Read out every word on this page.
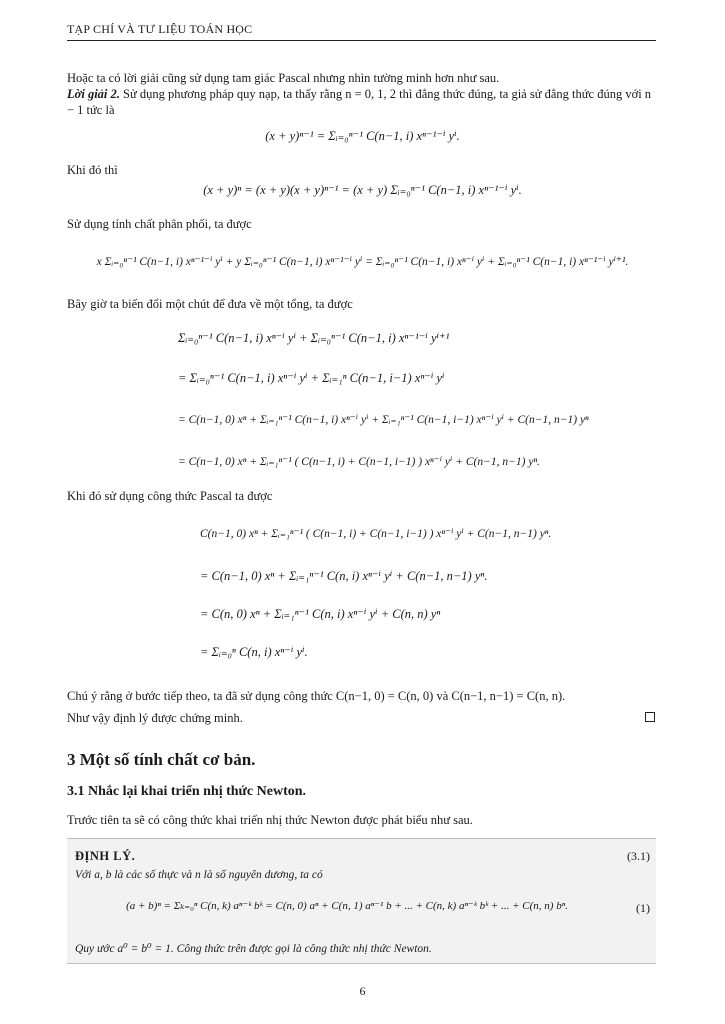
TẠP CHÍ VÀ TƯ LIỆU TOÁN HỌC
Hoặc ta có lời giải cũng sử dụng tam giác Pascal nhưng nhìn tường minh hơn như sau.
Lời giải 2. Sử dụng phương pháp quy nạp, ta thấy rằng n = 0, 1, 2 thì đẳng thức đúng, ta giả sử đẳng thức đúng với n − 1 tức là
(x + y)ⁿ⁻¹ = Σᵢ₌₀ⁿ⁻¹ C(n−1, i) xⁿ⁻¹⁻ⁱ yⁱ.
Khi đó thì
(x + y)ⁿ = (x + y)(x + y)ⁿ⁻¹ = (x + y) Σᵢ₌₀ⁿ⁻¹ C(n−1, i) xⁿ⁻¹⁻ⁱ yⁱ.
Sử dụng tính chất phân phối, ta được
x Σᵢ₌₀ⁿ⁻¹ C(n−1, i) xⁿ⁻¹⁻ⁱ yⁱ + y Σᵢ₌₀ⁿ⁻¹ C(n−1, i) xⁿ⁻¹⁻ⁱ yⁱ = Σᵢ₌₀ⁿ⁻¹ C(n−1, i) xⁿ⁻ⁱ yⁱ + Σᵢ₌₀ⁿ⁻¹ C(n−1, i) xⁿ⁻¹⁻ⁱ yⁱ⁺¹.
Bây giờ ta biến đổi một chút để đưa về một tổng, ta được
Σᵢ₌₀ⁿ⁻¹ C(n−1, i) xⁿ⁻ⁱ yⁱ + Σᵢ₌₀ⁿ⁻¹ C(n−1, i) xⁿ⁻¹⁻ⁱ yⁱ⁺¹
= Σᵢ₌₀ⁿ⁻¹ C(n−1, i) xⁿ⁻ⁱ yⁱ + Σᵢ₌₁ⁿ C(n−1, i−1) xⁿ⁻ⁱ yⁱ
= C(n−1, 0) xⁿ + Σᵢ₌₁ⁿ⁻¹ C(n−1, i) xⁿ⁻ⁱ yⁱ + Σᵢ₌₁ⁿ⁻¹ C(n−1, i−1) xⁿ⁻ⁱ yⁱ + C(n−1, n−1) yⁿ
= C(n−1, 0) xⁿ + Σᵢ₌₁ⁿ⁻¹ ( C(n−1, i) + C(n−1, i−1) ) xⁿ⁻ⁱ yⁱ + C(n−1, n−1) yⁿ.
Khi đó sử dụng công thức Pascal ta được
C(n−1, 0) xⁿ + Σᵢ₌₁ⁿ⁻¹ ( C(n−1, i) + C(n−1, i−1) ) xⁿ⁻ⁱ yⁱ + C(n−1, n−1) yⁿ.
= C(n−1, 0) xⁿ + Σᵢ₌₁ⁿ⁻¹ C(n, i) xⁿ⁻ⁱ yⁱ + C(n−1, n−1) yⁿ.
= C(n, 0) xⁿ + Σᵢ₌₁ⁿ⁻¹ C(n, i) xⁿ⁻ⁱ yⁱ + C(n, n) yⁿ
= Σᵢ₌₀ⁿ C(n, i) xⁿ⁻ⁱ yⁱ.
Chú ý rằng ở bước tiếp theo, ta đã sử dụng công thức C(n−1, 0) = C(n, 0) và C(n−1, n−1) = C(n, n).
Như vậy định lý được chứng minh.
3 Một số tính chất cơ bản.
3.1 Nhắc lại khai triển nhị thức Newton.
Trước tiên ta sẽ có công thức khai triển nhị thức Newton được phát biểu như sau.
ĐỊNH LÝ.	(3.1)
Với a, b là các số thực và n là số nguyên dương, ta có
(a + b)ⁿ = Σₖ₌₀ⁿ C(n, k) aⁿ⁻ᵏ bᵏ = C(n, 0) aⁿ + C(n, 1) aⁿ⁻¹ b + ... + C(n, k) aⁿ⁻ᵏ bᵏ + ... + C(n, n) bⁿ.	(1)
Quy ước a⁰ = b⁰ = 1. Công thức trên được gọi là công thức nhị thức Newton.
6
